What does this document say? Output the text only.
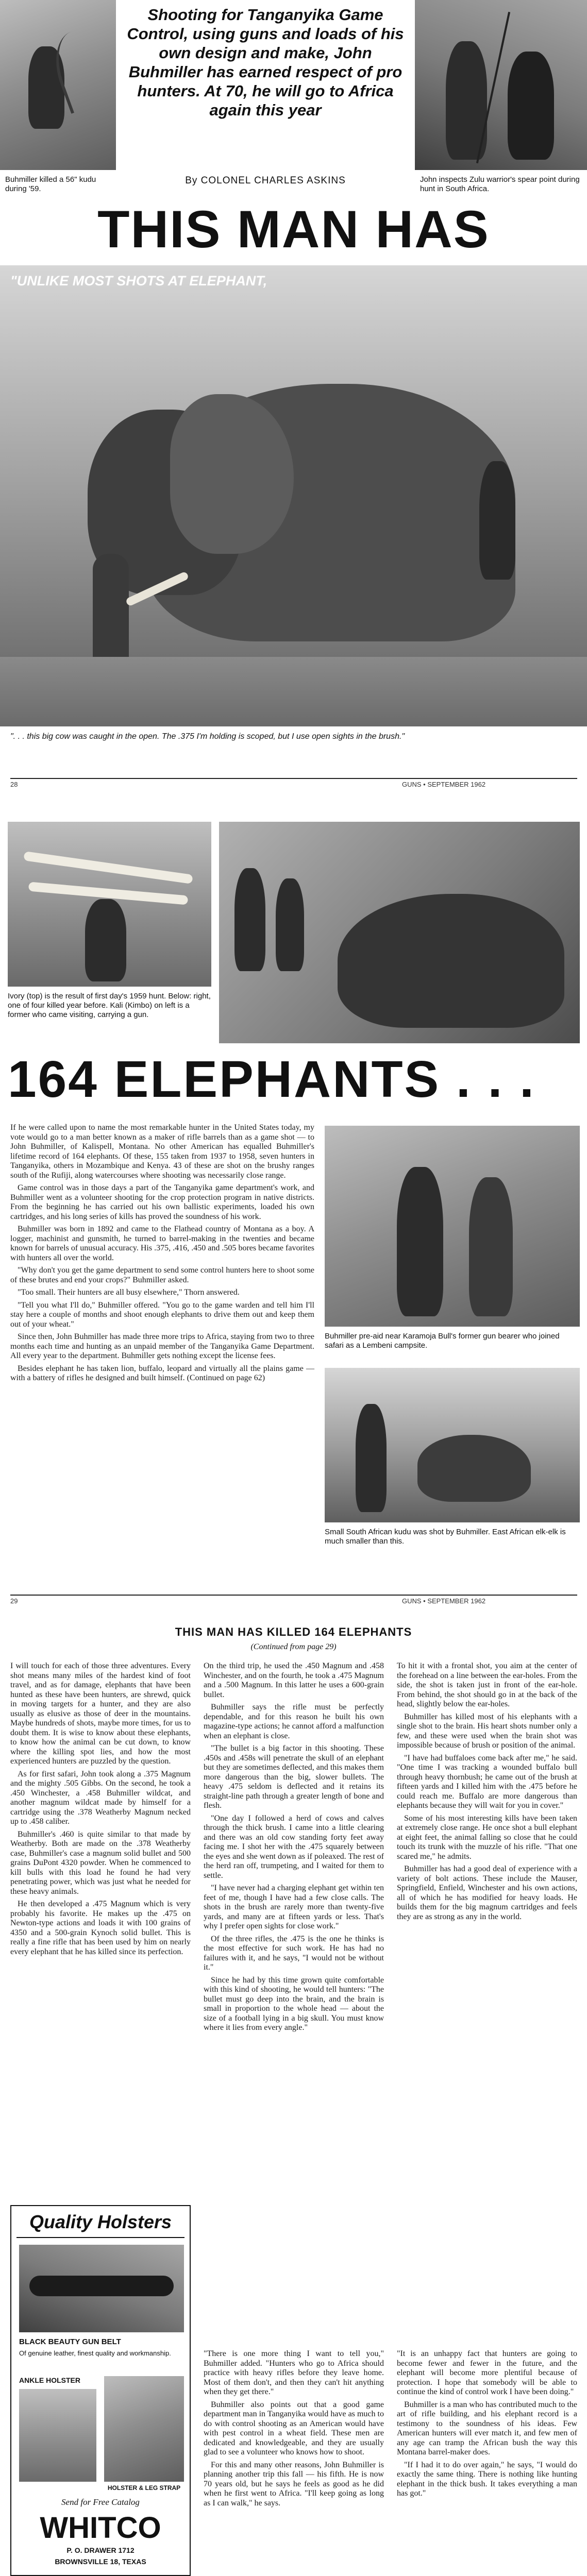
Buhmiller killed a 56" kudu during '59.
Shooting for Tanganyika Game Control, using guns and loads of his own design and make, John Buhmiller has earned respect of pro hunters. At 70, he will go to Africa again this year
By COLONEL CHARLES ASKINS	John inspects Zulu warrior's spear point during hunt in South Africa.
THIS MAN HAS
"UNLIKE MOST SHOTS AT ELEPHANT,
". . . this big cow was caught in the open. The .375 I'm holding is scoped, but I use open sights in the brush."
28	GUNS • SEPTEMBER 1962
Ivory (top) is the result of first day's 1959 hunt. Below: right, one of four killed year before. Kali (Kimbo) on left is a former who came visiting, carrying a gun.
164 ELEPHANTS . . .

If he were called upon to name the most remarkable hunter in the United States today, my vote would go to a man better known as a maker of rifle barrels than as a game shot — to John Buhmiller, of Kalispell, Montana. No other American has equalled Buhmiller's lifetime record of 164 elephants. Of these, 155 taken from 1937 to 1958, seven hunters in Tanganyika, others in Mozambique and Kenya. 43 of these are shot on the brushy ranges south of the Rufiji, along watercourses where shooting was necessarily close range.

Game control was in those days a part of the Tanganyika game department's work, and Buhmiller went as a volunteer shooting for the crop protection program in native districts. From the beginning he has carried out his own ballistic experiments, loaded his own cartridges, and his long series of kills has proved the soundness of his work.

Buhmiller was born in 1892 and came to the Flathead country of Montana as a boy. A logger, machinist and gunsmith, he turned to barrel-making in the twenties and became known for barrels of unusual accuracy. His .375, .416, .450 and .505 bores became favorites with hunters all over the world.

"Why don't you get the game department to send some control hunters here to shoot some of these brutes and end your crops?" Buhmiller asked.

"Too small. Their hunters are all busy elsewhere," Thorn answered.

"Tell you what I'll do," Buhmiller offered. "You go to the game warden and tell him I'll stay here a couple of months and shoot enough elephants to drive them out and keep them out of your wheat."

Since then, John Buhmiller has made three more trips to Africa, staying from two to three months each time and hunting as an unpaid member of the Tanganyika Game Department. All every year to the department. Buhmiller gets nothing except the license fees.

Besides elephant he has taken lion, buffalo, leopard and virtually all the plains game — with a battery of rifles he designed and built himself. (Continued on page 62)

Buhmiller pre-aid near Karamoja Bull's former gun bearer who joined safari as a Lembeni campsite.
Small South African kudu was shot by Buhmiller. East African elk-elk is much smaller than this.
29	GUNS • SEPTEMBER 1962
THIS MAN HAS KILLED 164 ELEPHANTS
(Continued from page 29)

I will touch for each of those three adventures. Every shot means many miles of the hardest kind of foot travel, and as for damage, elephants that have been hunted as these have been hunters, are shrewd, quick in moving targets for a hunter, and they are also usually as elusive as those of deer in the mountains. Maybe hundreds of shots, maybe more times, for us to doubt them. It is wise to know about these elephants, to know how the animal can be cut down, to know where the killing spot lies, and how the most experienced hunters are puzzled by the question.

As for first safari, John took along a .375 Magnum and the mighty .505 Gibbs. On the second, he took a .450 Winchester, a .458 Buhmiller wildcat, and another magnum wildcat made by himself for a cartridge using the .378 Weatherby Magnum necked up to .458 caliber.

Buhmiller's .460 is quite similar to that made by Weatherby. Both are made on the .378 Weatherby case, Buhmiller's case a magnum solid bullet and 500 grains DuPont 4320 powder. When he commenced to kill bulls with this load he found he had very penetrating power, which was just what he needed for these heavy animals.

He then developed a .475 Magnum which is very probably his favorite. He makes up the .475 on Newton-type actions and loads it with 100 grains of 4350 and a 500-grain Kynoch solid bullet. This is really a fine rifle that has been used by him on nearly every elephant that he has killed since its perfection.

On the third trip, he used the .450 Magnum and .458 Winchester, and on the fourth, he took a .475 Magnum and a .500 Magnum. In this latter he uses a 600-grain bullet.

Buhmiller says the rifle must be perfectly dependable, and for this reason he built his own magazine-type actions; he cannot afford a malfunction when an elephant is close.

"The bullet is a big factor in this shooting. These .450s and .458s will penetrate the skull of an elephant but they are sometimes deflected, and this makes them more dangerous than the big, slower bullets. The heavy .475 seldom is deflected and it retains its straight-line path through a greater length of bone and flesh.

"One day I followed a herd of cows and calves through the thick brush. I came into a little clearing and there was an old cow standing forty feet away facing me. I shot her with the .475 squarely between the eyes and she went down as if poleaxed. The rest of the herd ran off, trumpeting, and I waited for them to settle.

"I have never had a charging elephant get within ten feet of me, though I have had a few close calls. The shots in the brush are rarely more than twenty-five yards, and many are at fifteen yards or less. That's why I prefer open sights for close work."

Of the three rifles, the .475 is the one he thinks is the most effective for such work. He has had no failures with it, and he says, "I would not be without it."

Since he had by this time grown quite comfortable with this kind of shooting, he would tell hunters: "The bullet must go deep into the brain, and the brain is small in proportion to the whole head — about the size of a football lying in a big skull. You must know where it lies from every angle."

To hit it with a frontal shot, you aim at the center of the forehead on a line between the ear-holes. From the side, the shot is taken just in front of the ear-hole. From behind, the shot should go in at the back of the head, slightly below the ear-holes.

Buhmiller has killed most of his elephants with a single shot to the brain. His heart shots number only a few, and these were used when the brain shot was impossible because of brush or position of the animal.

"I have had buffaloes come back after me," he said. "One time I was tracking a wounded buffalo bull through heavy thornbush; he came out of the brush at fifteen yards and I killed him with the .475 before he could reach me. Buffalo are more dangerous than elephants because they will wait for you in cover."

Some of his most interesting kills have been taken at extremely close range. He once shot a bull elephant at eight feet, the animal falling so close that he could touch its trunk with the muzzle of his rifle. "That one scared me," he admits.

Buhmiller has had a good deal of experience with a variety of bolt actions. These include the Mauser, Springfield, Enfield, Winchester and his own actions, all of which he has modified for heavy loads. He builds them for the big magnum cartridges and feels they are as strong as any in the world.

Quality Holsters
BLACK BEAUTY GUN BELT
Of genuine leather, finest quality and workmanship.
ANKLE HOLSTER
HOLSTER & LEG STRAP
Send for Free Catalog
WHITCO
P. O. DRAWER 1712
BROWNSVILLE 18, TEXAS

"There is one more thing I want to tell you," Buhmiller added. "Hunters who go to Africa should practice with heavy rifles before they leave home. Most of them don't, and then they can't hit anything when they get there."

Buhmiller also points out that a good game department man in Tanganyika would have as much to do with control shooting as an American would have with pest control in a wheat field. These men are dedicated and knowledgeable, and they are usually glad to see a volunteer who knows how to shoot.

For this and many other reasons, John Buhmiller is planning another trip this fall — his fifth. He is now 70 years old, but he says he feels as good as he did when he first went to Africa. "I'll keep going as long as I can walk," he says.

"It is an unhappy fact that hunters are going to become fewer and fewer in the future, and the elephant will become more plentiful because of protection. I hope that somebody will be able to continue the kind of control work I have been doing."

Buhmiller is a man who has contributed much to the art of rifle building, and his elephant record is a testimony to the soundness of his ideas. Few American hunters will ever match it, and few men of any age can tramp the African bush the way this Montana barrel-maker does.

"If I had it to do over again," he says, "I would do exactly the same thing. There is nothing like hunting elephant in the thick bush. It takes everything a man has got."
